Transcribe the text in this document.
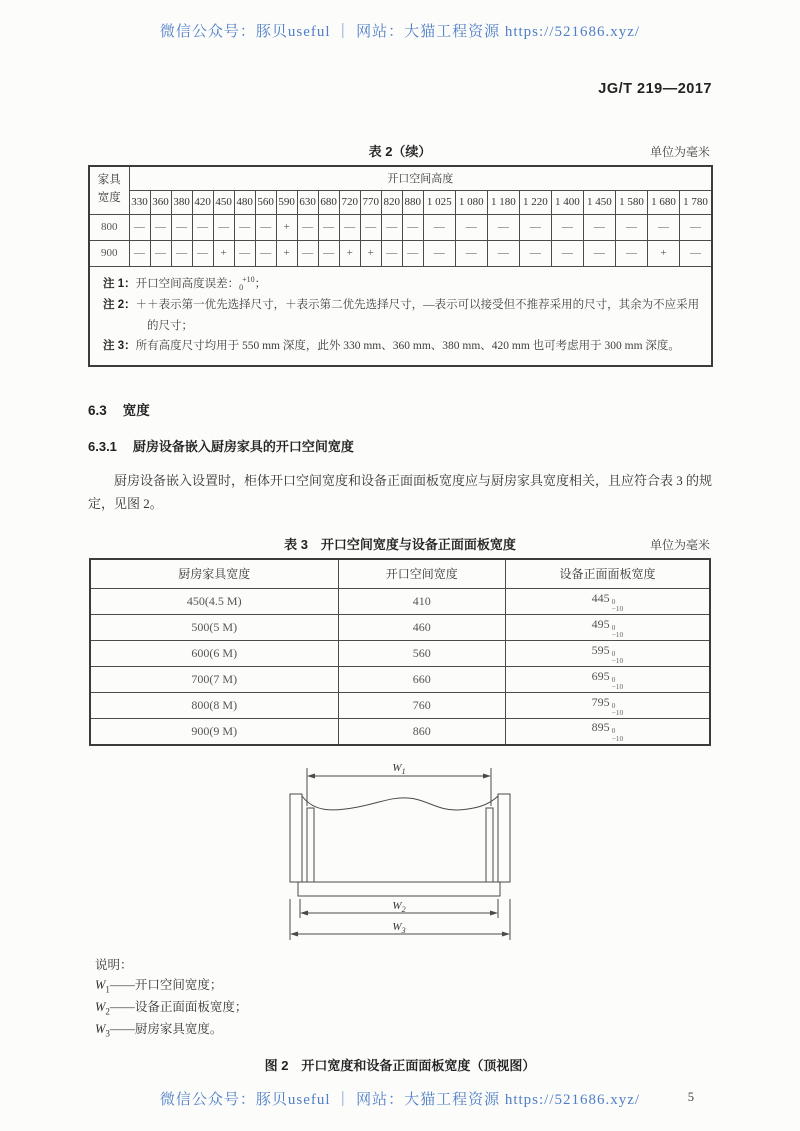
微信公众号：豚贝useful ｜ 网站：大猫工程资源 https://521686.xyz/
JG/T 219—2017
表 2（续）	单位为毫米
家具
宽度	开口空间高度																						
	330	360	380	420	450	480	560	590	630	680	720	770	820	880	1 025	1 080	1 180	1 220	1 400	1 450	1 580	1 680	1 780
800	—	—	—	—	—	—	—	+	—	—	—	—	—	—	—	—	—	—	—	—	—	—	—
900	—	—	—	—	+	—	—	+	—	—	+	+	—	—	—	—	—	—	—	—	—	+	—

注 1：开口空间高度误差：$_0^{+10}$；
注 2：＋＋表示第一优先选择尺寸，＋表示第二优先选择尺寸，—表示可以接受但不推荐采用的尺寸，其余为不应采用的尺寸；
注 3：所有高度尺寸均用于 550 mm 深度，此外 330 mm、360 mm、380 mm、420 mm 也可考虑用于 300 mm 深度。																							
6.3 宽度
6.3.1 厨房设备嵌入厨房家具的开口空间宽度

厨房设备嵌入设置时，柜体开口空间宽度和设备正面面板宽度应与厨房家具宽度相关，且应符合表 3 的规定，见图 2。

表 3　开口空间宽度与设备正面面板宽度	单位为毫米
厨房家具宽度	开口空间宽度	设备正面面板宽度
450(4.5 M)	410	445 0
−10

500(5 M)	460	495 0
−10

600(6 M)	560	595 0
−10

700(7 M)	660	695 0
−10

800(8 M)	760	795 0
−10

900(9 M)	860	895 0
−10
$W_1$
$W_2$
$W_3$
说明：
$W_1——$开口空间宽度；
$W_2——$设备正面面板宽度；
$W_3——$厨房家具宽度。
图 2　开口宽度和设备正面面板宽度（顶视图）
5
微信公众号：豚贝useful ｜ 网站：大猫工程资源 https://521686.xyz/
